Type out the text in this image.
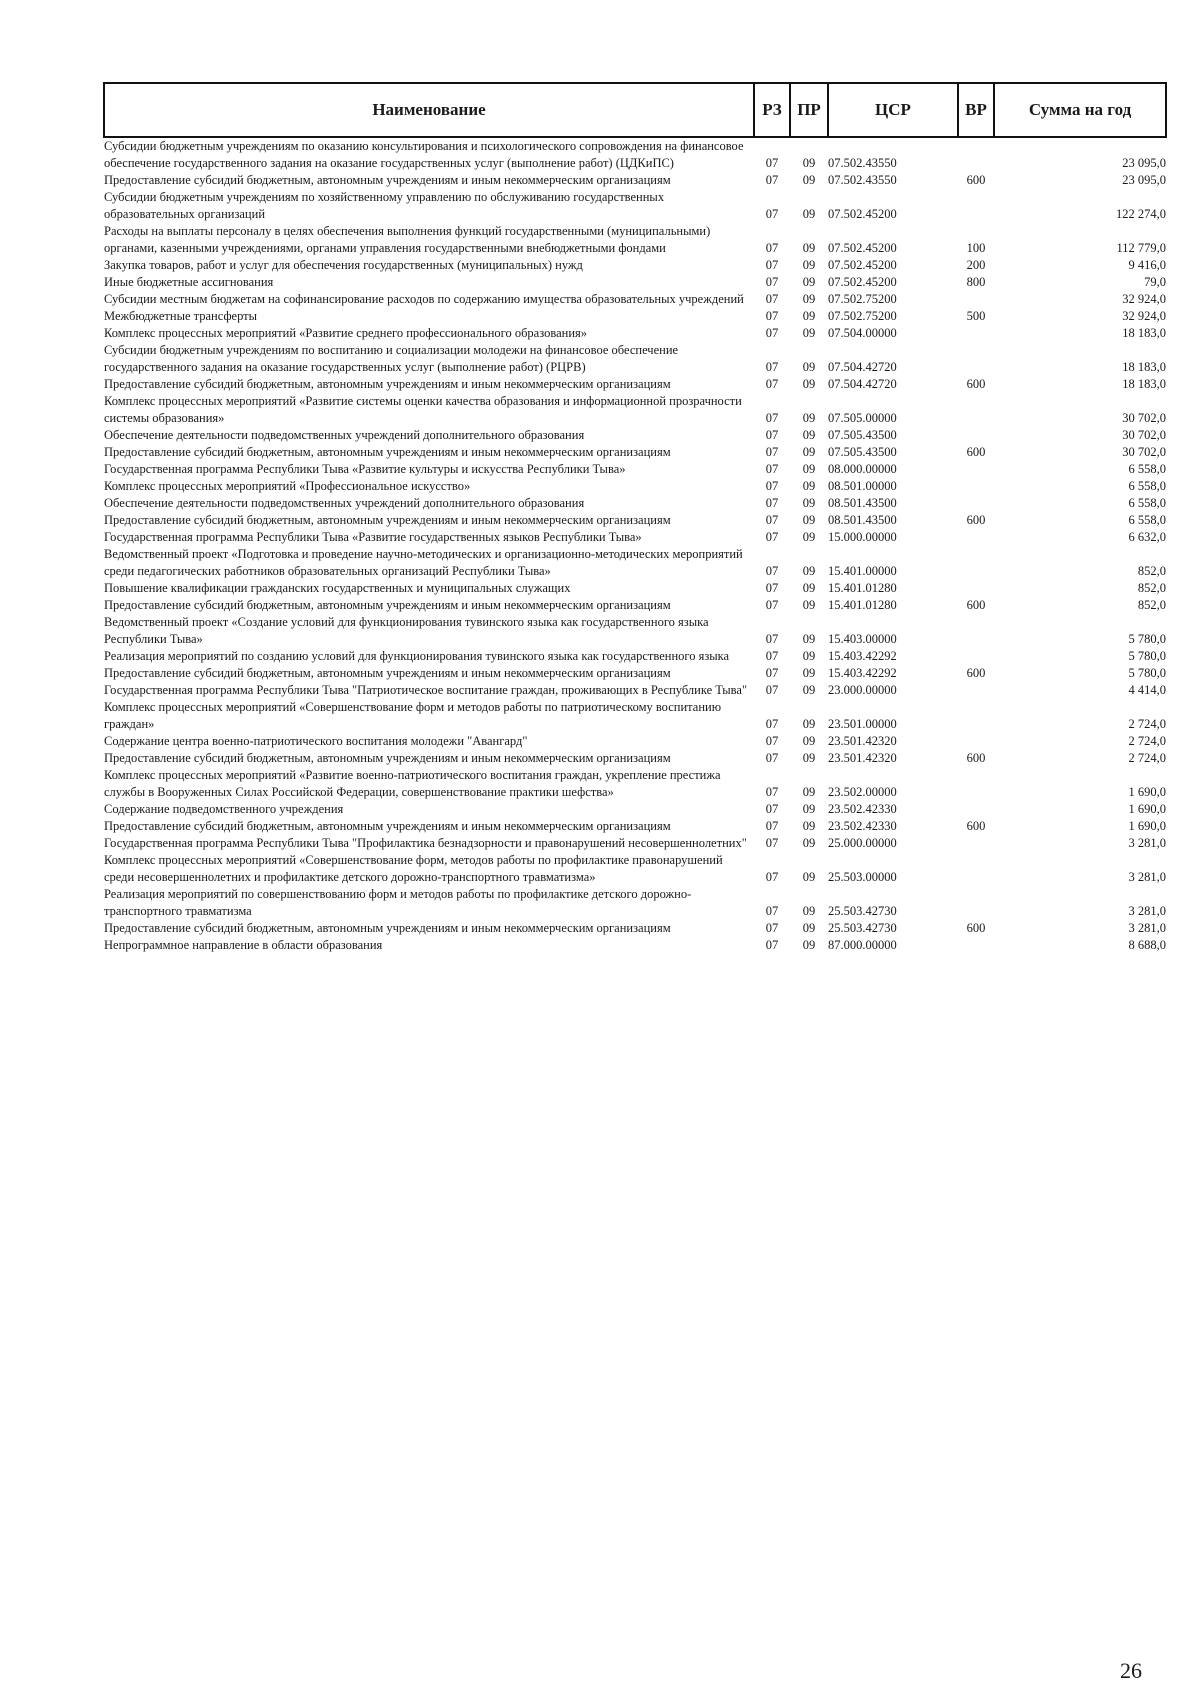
Наименование	РЗ	ПР	ЦСР	ВР	Сумма на год
Субсидии бюджетным учреждениям по оказанию консультирования и психологического сопровождения на финансовое обеспечение государственного задания на оказание государственных услуг (выполнение работ) (ЦДКиПС)	07	09	07.502.43550		23 095,0
Предоставление субсидий бюджетным, автономным учреждениям и иным некоммерческим организациям	07	09	07.502.43550	600	23 095,0
Субсидии бюджетным учреждениям по хозяйственному управлению по обслуживанию государственных образовательных организаций	07	09	07.502.45200		122 274,0
Расходы на выплаты персоналу в целях обеспечения выполнения функций государственными (муниципальными) органами, казенными учреждениями, органами управления государственными внебюджетными фондами	07	09	07.502.45200	100	112 779,0
Закупка товаров, работ и услуг для обеспечения государственных (муниципальных) нужд	07	09	07.502.45200	200	9 416,0
Иные бюджетные ассигнования	07	09	07.502.45200	800	79,0
Субсидии местным бюджетам на софинансирование расходов по содержанию имущества образовательных учреждений	07	09	07.502.75200		32 924,0
Межбюджетные трансферты	07	09	07.502.75200	500	32 924,0
Комплекс процессных мероприятий «Развитие среднего профессионального образования»	07	09	07.504.00000		18 183,0
Субсидии бюджетным учреждениям по воспитанию и социализации молодежи на финансовое обеспечение государственного задания на оказание государственных услуг (выполнение работ) (РЦРВ)	07	09	07.504.42720		18 183,0
Предоставление субсидий бюджетным, автономным учреждениям и иным некоммерческим организациям	07	09	07.504.42720	600	18 183,0
Комплекс процессных мероприятий «Развитие системы оценки качества образования и информационной прозрачности системы образования»	07	09	07.505.00000		30 702,0
Обеспечение деятельности подведомственных учреждений дополнительного образования	07	09	07.505.43500		30 702,0
Предоставление субсидий бюджетным, автономным учреждениям и иным некоммерческим организациям	07	09	07.505.43500	600	30 702,0
Государственная программа Республики Тыва «Развитие культуры и искусства Республики Тыва»	07	09	08.000.00000		6 558,0
Комплекс процессных мероприятий «Профессиональное искусство»	07	09	08.501.00000		6 558,0
Обеспечение деятельности подведомственных учреждений дополнительного образования	07	09	08.501.43500		6 558,0
Предоставление субсидий бюджетным, автономным учреждениям и иным некоммерческим организациям	07	09	08.501.43500	600	6 558,0
Государственная программа Республики Тыва «Развитие государственных языков Республики Тыва»	07	09	15.000.00000		6 632,0
Ведомственный проект «Подготовка и проведение научно-методических и организационно-методических мероприятий среди педагогических работников образовательных организаций Республики Тыва»	07	09	15.401.00000		852,0
Повышение квалификации гражданских государственных и муниципальных служащих	07	09	15.401.01280		852,0
Предоставление субсидий бюджетным, автономным учреждениям и иным некоммерческим организациям	07	09	15.401.01280	600	852,0
Ведомственный проект «Создание условий для функционирования тувинского языка как государственного языка Республики Тыва»	07	09	15.403.00000		5 780,0
Реализация мероприятий по созданию условий для функционирования тувинского языка как государственного языка	07	09	15.403.42292		5 780,0
Предоставление субсидий бюджетным, автономным учреждениям и иным некоммерческим организациям	07	09	15.403.42292	600	5 780,0
Государственная программа Республики Тыва "Патриотическое воспитание граждан, проживающих в Республике Тыва"	07	09	23.000.00000		4 414,0
Комплекс процессных мероприятий «Совершенствование форм и методов работы по патриотическому воспитанию граждан»	07	09	23.501.00000		2 724,0
Содержание центра военно-патриотического воспитания молодежи "Авангард"	07	09	23.501.42320		2 724,0
Предоставление субсидий бюджетным, автономным учреждениям и иным некоммерческим организациям	07	09	23.501.42320	600	2 724,0
Комплекс процессных мероприятий «Развитие военно-патриотического воспитания граждан, укрепление престижа службы в Вооруженных Силах Российской Федерации, совершенствование практики шефства»	07	09	23.502.00000		1 690,0
Содержание подведомственного учреждения	07	09	23.502.42330		1 690,0
Предоставление субсидий бюджетным, автономным учреждениям и иным некоммерческим организациям	07	09	23.502.42330	600	1 690,0
Государственная программа Республики Тыва "Профилактика безнадзорности и правонарушений несовершеннолетних"	07	09	25.000.00000		3 281,0
Комплекс процессных мероприятий «Совершенствование форм, методов работы по профилактике правонарушений среди несовершеннолетних и профилактике детского дорожно-транспортного травматизма»	07	09	25.503.00000		3 281,0
Реализация мероприятий по совершенствованию форм и методов работы по профилактике детского дорожно-транспортного травматизма	07	09	25.503.42730		3 281,0
Предоставление субсидий бюджетным, автономным учреждениям и иным некоммерческим организациям	07	09	25.503.42730	600	3 281,0
Непрограммное направление в области образования	07	09	87.000.00000		8 688,0
26
